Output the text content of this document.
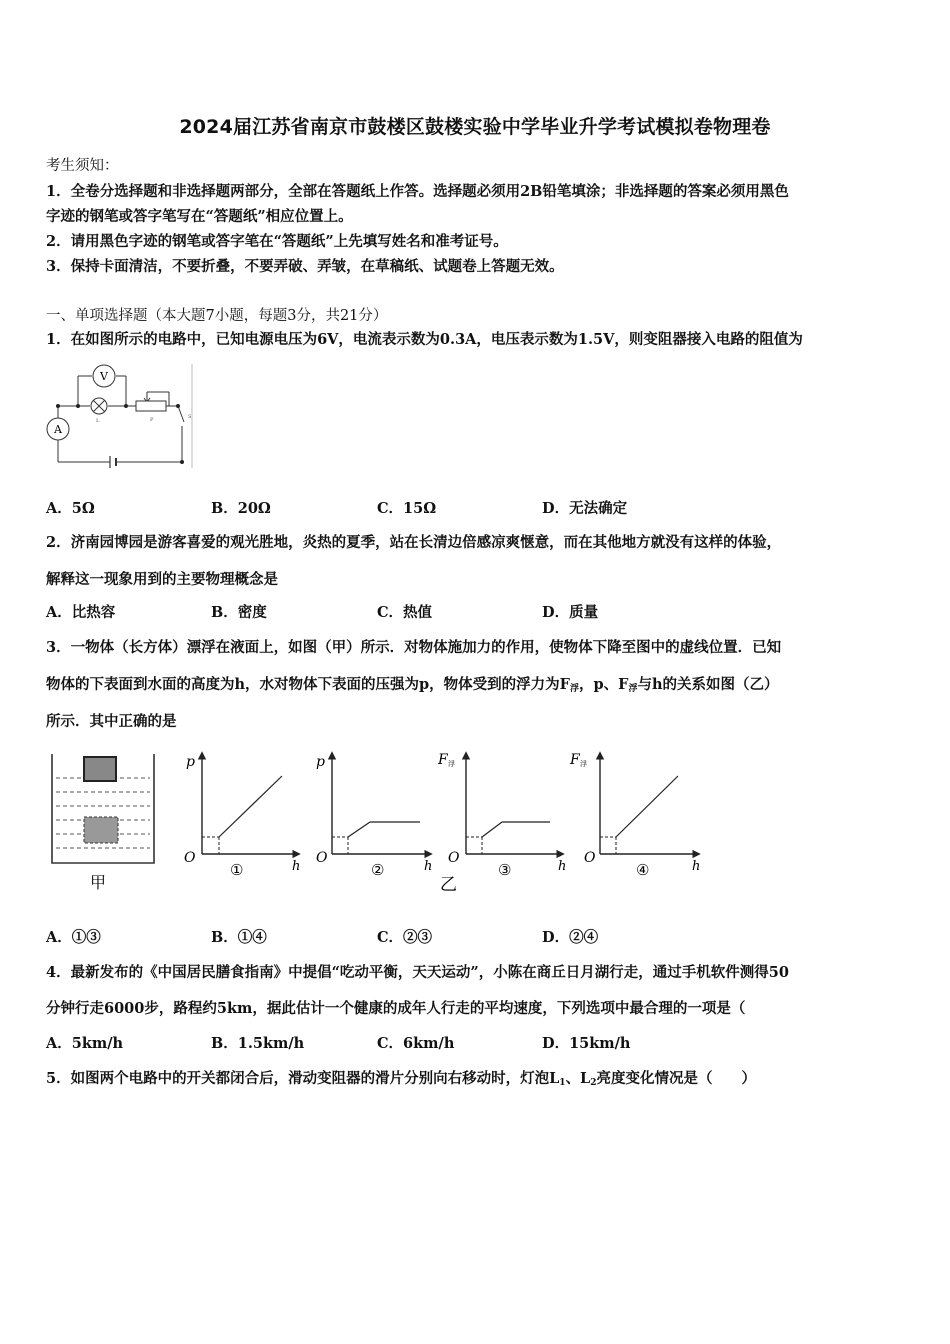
2024届江苏省南京市鼓楼区鼓楼实验中学毕业升学考试模拟卷物理卷
考生须知：
1．全卷分选择题和非选择题两部分，全部在答题纸上作答。选择题必须用2B铅笔填涂；非选择题的答案必须用黑色
字迹的钢笔或答字笔写在“答题纸”相应位置上。
2．请用黑色字迹的钢笔或答字笔在“答题纸”上先填写姓名和准考证号。
3．保持卡面清洁，不要折叠，不要弄破、弄皱，在草稿纸、试题卷上答题无效。
一、单项选择题（本大题7小题，每题3分，共21分）
1．在如图所示的电路中，已知电源电压为6V，电流表示数为0.3A，电压表示数为1.5V，则变阻器接入电路的阻值为
V
L	P	S
A
A．5Ω	B．20Ω	C．15Ω	D．无法确定
2．济南园博园是游客喜爱的观光胜地，炎热的夏季，站在长清边倍感凉爽惬意，而在其他地方就没有这样的体验，
解释这一现象用到的主要物理概念是
A．比热容	B．密度	C．热值	D．质量
3．一物体（长方体）漂浮在液面上，如图（甲）所示．对物体施加力的作用，使物体下降至图中的虚线位置．已知
物体的下表面到水面的高度为h，水对物体下表面的压强为p，物体受到的浮力为$F_浮$，p、$F_浮$与h的关系如图（乙）
所示．其中正确的是
甲
p
O
h
①
p
O
h
②
F 浮
O
h
③
乙
F 浮
O
h
④
A．①③	B．①④	C．②③	D．②④
4．最新发布的《中国居民膳食指南》中提倡“吃动平衡，天天运动”，小陈在商丘日月湖行走，通过手机软件测得50
分钟行走6000步，路程约5km，据此估计一个健康的成年人行走的平均速度，下列选项中最合理的一项是（
A．5km/h	B．1.5km/h	C．6km/h	D．15km/h
5．如图两个电路中的开关都闭合后，滑动变阻器的滑片分别向右移动时，灯泡$L_1$、$L_2$亮度变化情况是（　　）
